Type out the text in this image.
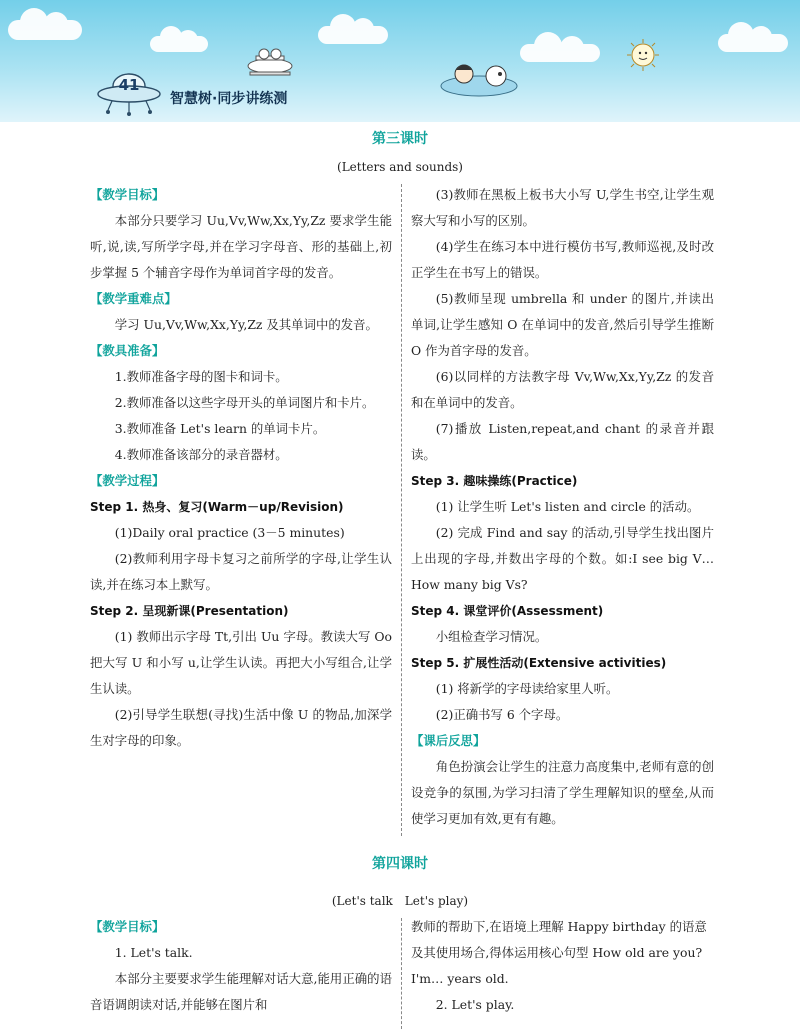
41
智慧树·同步讲练测
第三课时
(Letters and sounds)

【教学目标】

本部分只要学习 Uu,Vv,Ww,Xx,Yy,Zz 要求学生能听,说,读,写所学字母,并在学习字母音、形的基础上,初步掌握 5 个辅音字母作为单词首字母的发音。

【教学重难点】

学习 Uu,Vv,Ww,Xx,Yy,Zz 及其单词中的发音。

【教具准备】

1.教师准备字母的图卡和词卡。

2.教师准备以这些字母开头的单词图片和卡片。

3.教师准备 Let's learn 的单词卡片。

4.教师准备该部分的录音器材。

【教学过程】

Step 1. 热身、复习(Warm－up/Revision)

(1)Daily oral practice (3－5 minutes)

(2)教师利用字母卡复习之前所学的字母,让学生认读,并在练习本上默写。

Step 2. 呈现新课(Presentation)

(1) 教师出示字母 Tt,引出 Uu 字母。教读大写 Oo 把大写 U 和小写 u,让学生认读。再把大小写组合,让学生认读。

(2)引导学生联想(寻找)生活中像 U 的物品,加深学生对字母的印象。

(3)教师在黑板上板书大小写 U,学生书空,让学生观察大写和小写的区别。

(4)学生在练习本中进行模仿书写,教师巡视,及时改正学生在书写上的错误。

(5)教师呈现 umbrella 和 under 的图片,并读出单词,让学生感知 O 在单词中的发音,然后引导学生推断 O 作为首字母的发音。

(6)以同样的方法教字母 Vv,Ww,Xx,Yy,Zz 的发音和在单词中的发音。

(7)播放 Listen,repeat,and chant 的录音并跟读。

Step 3. 趣味操练(Practice)

(1) 让学生听 Let's listen and circle 的活动。

(2) 完成 Find and say 的活动,引导学生找出图片上出现的字母,并数出字母的个数。如:I see big V… How many big Vs?

Step 4. 课堂评价(Assessment)

小组检查学习情况。

Step 5. 扩展性活动(Extensive activities)

(1) 将新学的字母读给家里人听。

(2)正确书写 6 个字母。

【课后反思】

角色扮演会让学生的注意力高度集中,老师有意的创设竞争的氛围,为学习扫清了学生理解知识的壁垒,从而使学习更加有效,更有有趣。

第四课时
(Let's talk　Let's play)

【教学目标】

1. Let's talk.

本部分主要要求学生能理解对话大意,能用正确的语音语调朗读对话,并能够在图片和

教师的帮助下,在语境上理解 Happy birthday 的语意及其使用场合,得体运用核心句型 How old are you? I'm… years old.

2. Let's play.
